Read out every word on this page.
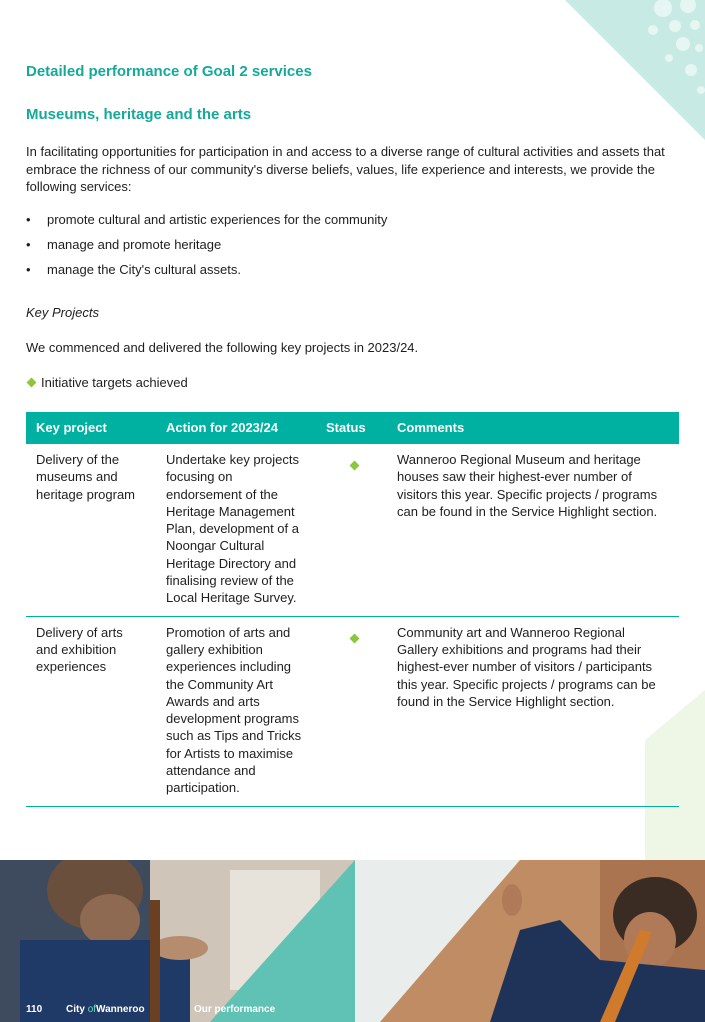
Detailed performance of Goal 2 services
Museums, heritage and the arts

In facilitating opportunities for participation in and access to a diverse range of cultural activities and assets that embrace the richness of our community's diverse beliefs, values, life experience and interests, we provide the following services:

• promote cultural and artistic experiences for the community
• manage and promote heritage
• manage the City's cultural assets.

Key Projects

We commenced and delivered the following key projects in 2023/24.

Initiative targets achieved
Key project	Action for 2023/24	Status	Comments
Delivery of the museums and heritage program	Undertake key projects focusing on endorsement of the Heritage Management Plan, development of a Noongar Cultural Heritage Directory and finalising review of the Local Heritage Survey.		Wanneroo Regional Museum and heritage houses saw their highest-ever number of visitors this year. Specific projects / programs can be found in the Service Highlight section.
Delivery of arts and exhibition experiences	Promotion of arts and gallery exhibition experiences including the Community Art Awards and arts development programs such as Tips and Tricks for Artists to maximise attendance and participation.		Community art and Wanneroo Regional Gallery exhibitions and programs had their highest-ever number of visitors / participants this year. Specific projects / programs can be found in the Service Highlight section.
110	City ofWanneroo	Our performance
